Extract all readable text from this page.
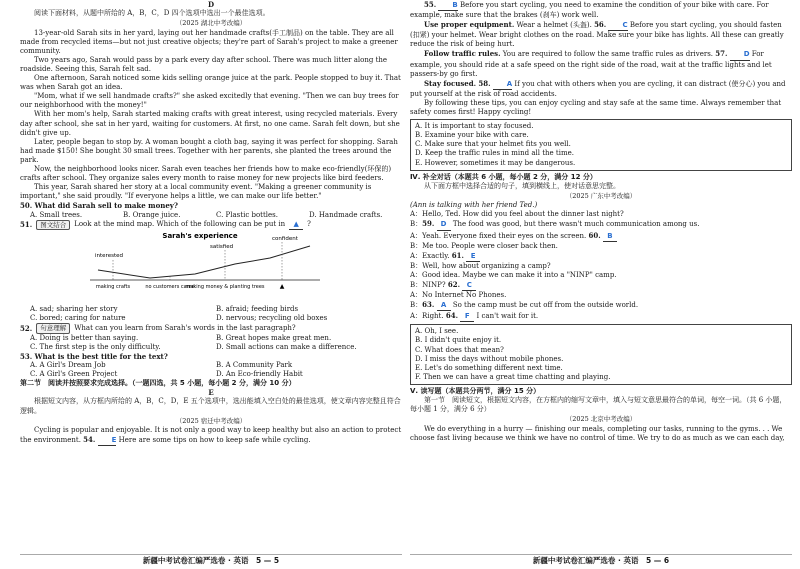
D

阅读下面材料，从题中所给的 A，B，C，D 四个选项中选出一个最佳选项。

（2025 湖北中考改编）

13-year-old Sarah sits in her yard, laying out her handmade crafts(手工制品) on the table. They are all made from recycled items—but not just creative objects; they're part of Sarah's project to make a greener community.

Two years ago, Sarah would pass by a park every day after school. There was much litter along the roadside. Seeing this, Sarah felt sad.

One afternoon, Sarah noticed some kids selling orange juice at the park. People stopped to buy it. That was when Sarah got an idea.

"Mom, what if we sell handmade crafts?" she asked excitedly that evening. "Then we can buy trees for our neighborhood with the money!"

With her mom's help, Sarah started making crafts with great interest, using recycled materials. Every day after school, she sat in her yard, waiting for customers. At first, no one came. Sarah felt down, but she didn't give up.

Later, people began to stop by. A woman bought a cloth bag, saying it was perfect for shopping. Sarah had made $150! She bought 30 small trees. Together with her parents, she planted the trees around the park.

Now, the neighborhood looks nicer. Sarah even teaches her friends how to make eco-friendly(环保的) crafts after school. They organize sales every month to raise money for new projects like bird feeders.

This year, Sarah shared her story at a local community event. "Making a greener community is important," she said proudly. "If everyone helps a little, we can make our life better."

50. What did Sarah sell to make money?

A. Small trees.	B. Orange juice.	C. Plastic bottles.	D. Handmade crafts.
51.	图文结合	Look at the mind map. Which of the following can be put in	▲	?
Sarah's experience
interested
satisfied
confident
making crafts	no customers came
making money & planting trees	▲
A. sad; sharing her story	B. afraid; feeding birds
C. bored; caring for nature	D. nervous; recycling old boxes
52.	句意理解	What can you learn from Sarah's words in the last paragraph?
A. Doing is better than saying.	B. Great hopes make great men.
C. The first step is the only difficulty.	D. Small actions can make a difference.

53. What is the best title for the text?

A. A Girl's Dream Job	B. A Community Park
C. A Girl's Green Project	D. An Eco-friendly Habit

第二节　阅读并按照要求完成选择。（一题四选，共 5 小题，每小题 2 分，满分 10 分）

E

根据短文内容，从方框内所给的 A，B，C，D，E 五个选项中，选出能填入空白处的最佳选项，使文章内容完整且符合逻辑。

（2025 宿迁中考改编）

Cycling is popular and enjoyable. It is not only a good way to keep healthy but also an action to protect the environment. 54. E Here are some tips on how to keep safe while cycling.

新疆中考试卷汇编严选卷 · 英语　5 — 5

55. B Before you start cycling, you need to examine the condition of your bike with care. For example, make sure that the brakes (刹车) work well.

Use proper equipment. Wear a helmet (头盔). 56. C Before you start cycling, you should fasten (扣紧) your helmet. Wear bright clothes on the road. Make sure your bike has lights. All these can greatly reduce the risk of being hurt.

Follow traffic rules. You are required to follow the same traffic rules as drivers. 57. D For example, you should ride at a safe speed on the right side of the road, wait at the traffic lights and let passers-by go first.

Stay focused. 58. A If you chat with others when you are cycling, it can distract (使分心) you and put yourself at the risk of road accidents.

By following these tips, you can enjoy cycling and stay safe at the same time. Always remember that safety comes first! Happy cycling!

A. It is important to stay focused.

B. Examine your bike with care.

C. Make sure that your helmet fits you well.

D. Keep the traffic rules in mind all the time.

E. However, sometimes it may be dangerous.

Ⅳ. 补全对话（本题共 6 小题，每小题 2 分，满分 12 分）

从下面方框中选择合适的句子，填到横线上，使对话意思完整。

（2025 广东中考改编）

(Ann is talking with her friend Ted.)

A：Hello, Ted. How did you feel about the dinner last night?

B：59. D The food was good, but there wasn't much communication among us.

A：Yeah. Everyone fixed their eyes on the screen. 60. B

B：Me too. People were closer back then.

A：Exactly. 61. E

B：Well, how about organizing a camp?

A：Good idea. Maybe we can make it into a "NINP" camp.

B：NINP? 62. C

A：No Internet No Phones.

B：63. A So the camp must be cut off from the outside world.

A：Right. 64. F I can't wait for it.

A. Oh, I see.

B. I didn't quite enjoy it.

C. What does that mean?

D. I miss the days without mobile phones.

E. Let's do something different next time.

F. Then we can have a great time chatting and playing.

Ⅴ. 读写题（本题共分两节，满分 15 分）

第一节　阅读短文，根据短文内容，在方框内的缩写文章中，填入与短文意思最符合的单词，每空一词。（共 6 小题，每小题 1 分，满分 6 分）

（2025 北京中考改编）

We do everything in a hurry — finishing our meals, completing our tasks, running to the gyms. . . We choose fast living because we think we have no control of time. We try to do as much as we can each day,

新疆中考试卷汇编严选卷 · 英语　5 — 6
